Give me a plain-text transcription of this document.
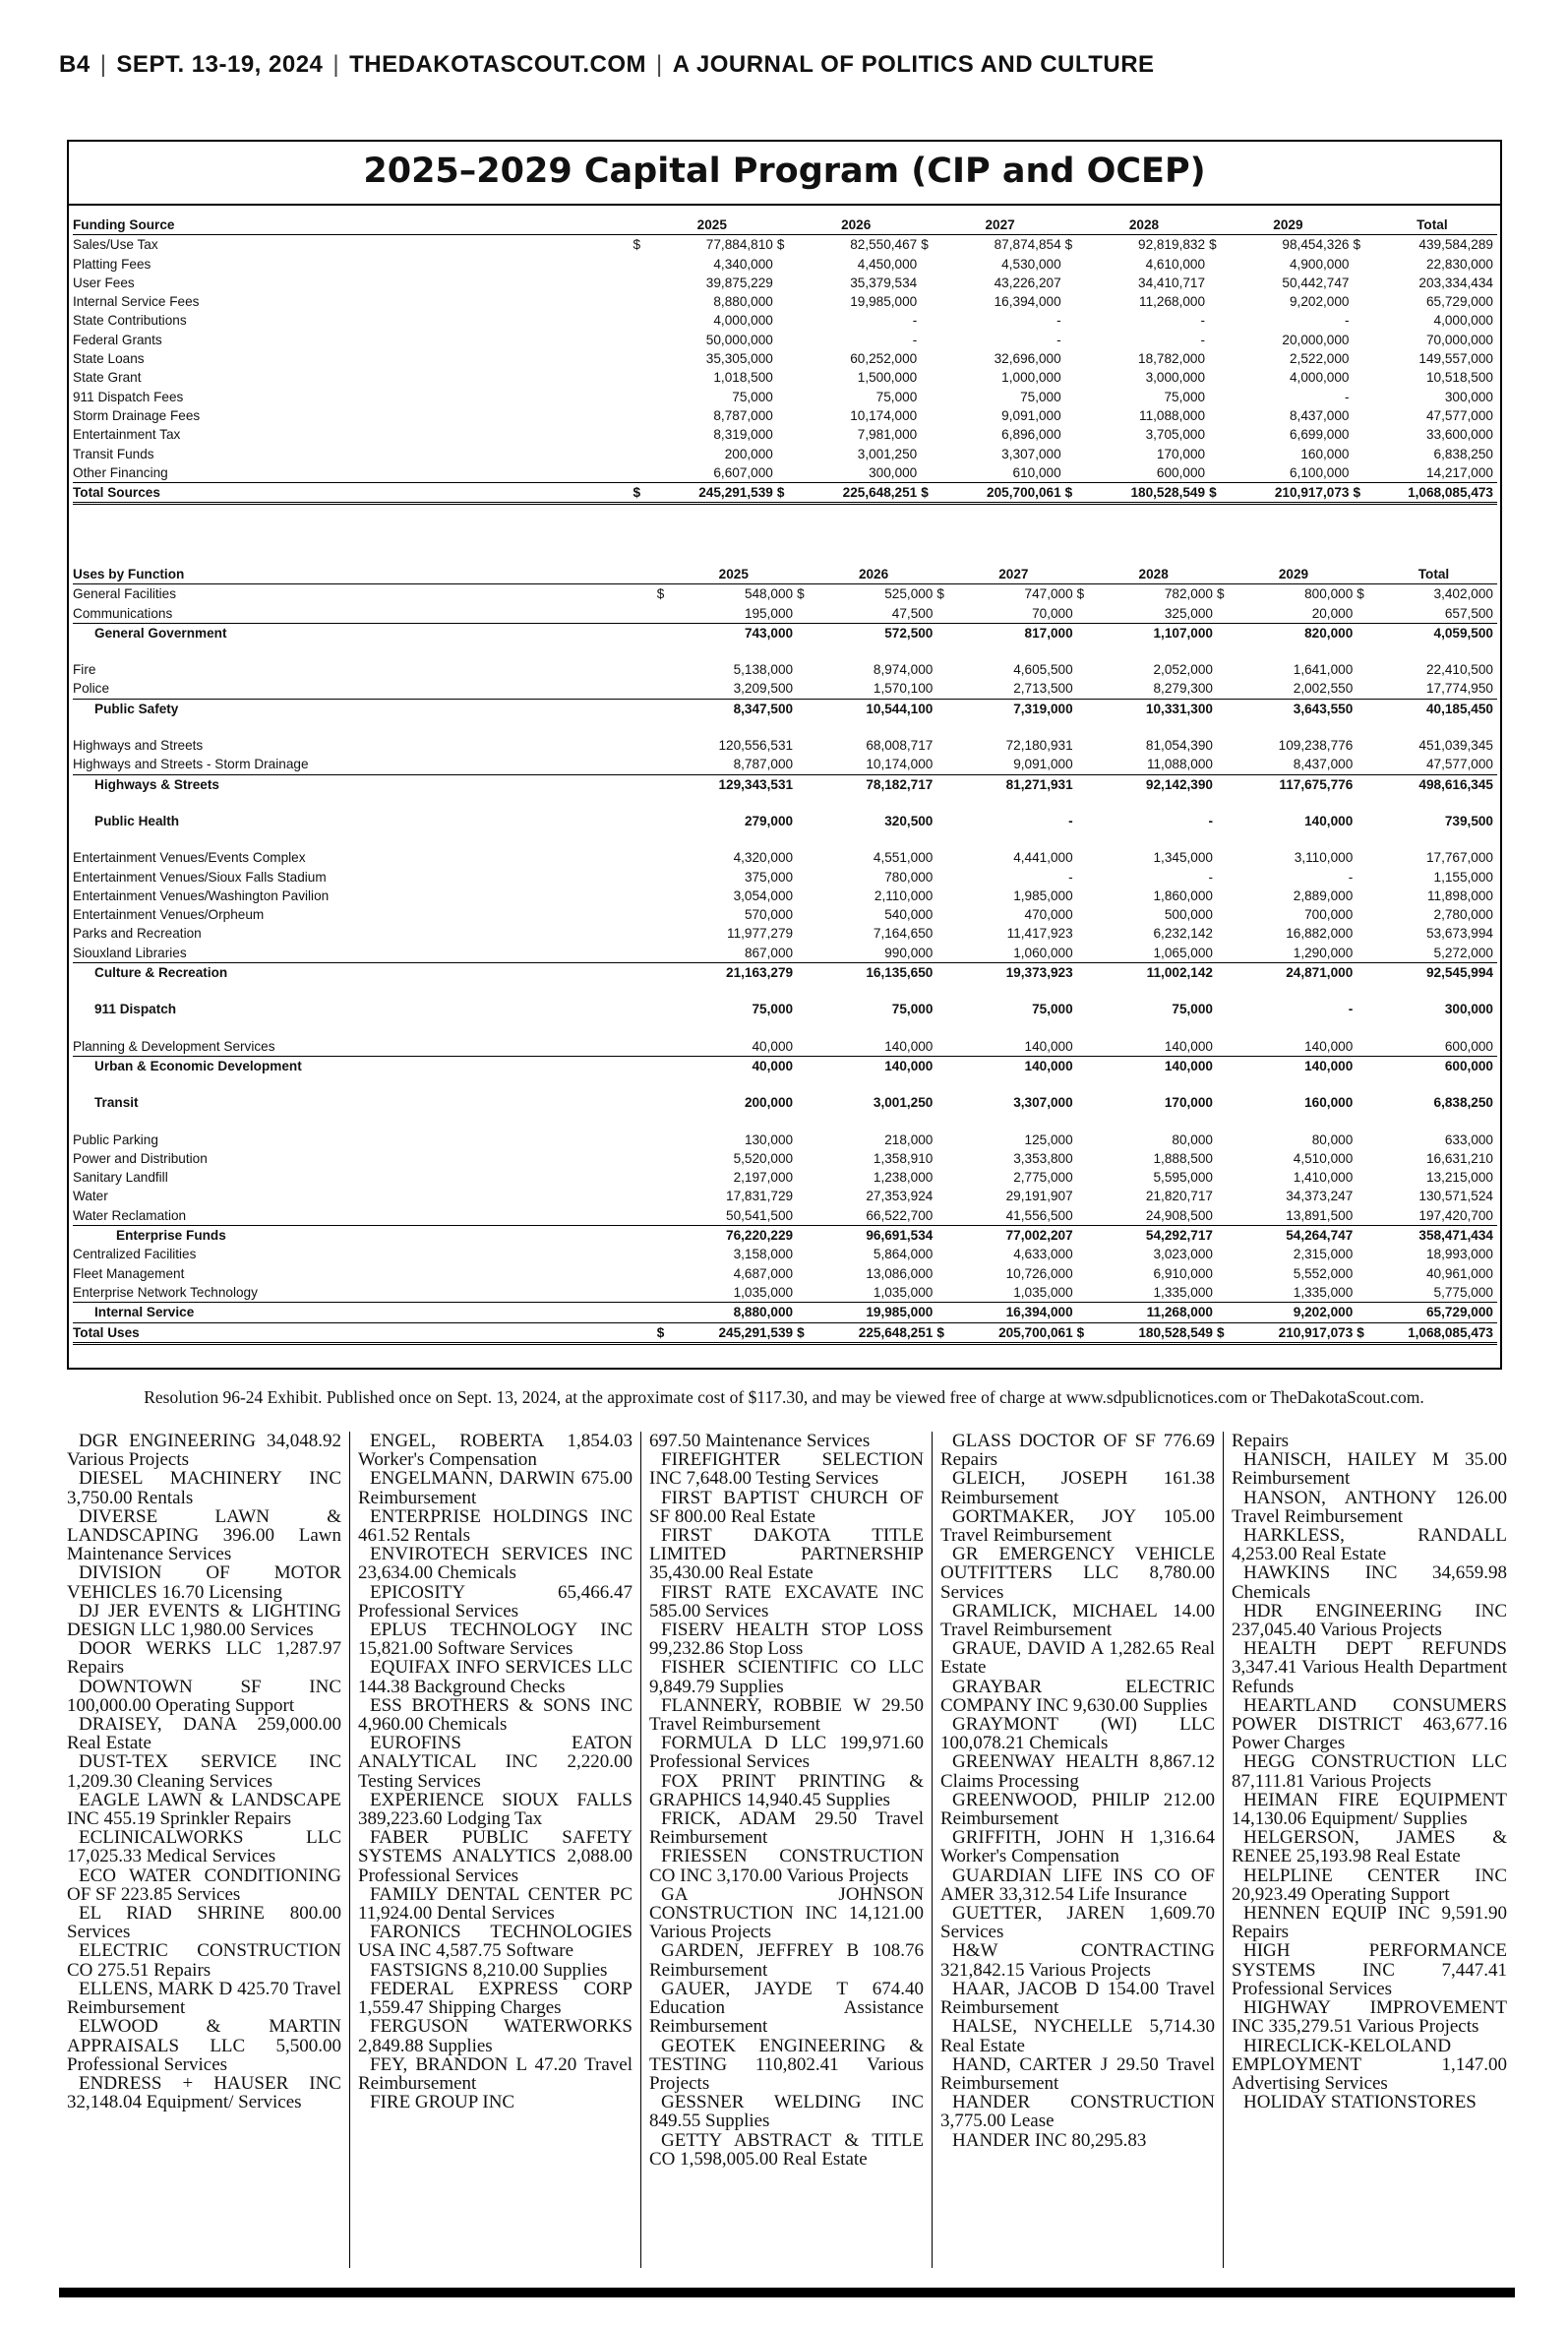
B4 | SEPT. 13-19, 2024 | THEDAKOTASCOUT.COM | A JOURNAL OF POLITICS AND CULTURE
2025–2029 Capital Program (CIP and OCEP)
Funding Source		2025		2026		2027		2028		2029		Total
Sales/Use Tax	$	77,884,810	$	82,550,467	$	87,874,854	$	92,819,832	$	98,454,326	$	439,584,289
Platting Fees		4,340,000		4,450,000		4,530,000		4,610,000		4,900,000		22,830,000
User Fees		39,875,229		35,379,534		43,226,207		34,410,717		50,442,747		203,334,434
Internal Service Fees		8,880,000		19,985,000		16,394,000		11,268,000		9,202,000		65,729,000
State Contributions		4,000,000		-		-		-		-		4,000,000
Federal Grants		50,000,000		-		-		-		20,000,000		70,000,000
State Loans		35,305,000		60,252,000		32,696,000		18,782,000		2,522,000		149,557,000
State Grant		1,018,500		1,500,000		1,000,000		3,000,000		4,000,000		10,518,500
911 Dispatch Fees		75,000		75,000		75,000		75,000		-		300,000
Storm Drainage Fees		8,787,000		10,174,000		9,091,000		11,088,000		8,437,000		47,577,000
Entertainment Tax		8,319,000		7,981,000		6,896,000		3,705,000		6,699,000		33,600,000
Transit Funds		200,000		3,001,250		3,307,000		170,000		160,000		6,838,250
Other Financing		6,607,000		300,000		610,000		600,000		6,100,000		14,217,000
Total Sources	$	245,291,539	$	225,648,251	$	205,700,061	$	180,528,549	$	210,917,073	$	1,068,085,473
Uses by Function		2025		2026		2027		2028		2029		Total
General Facilities	$	548,000	$	525,000	$	747,000	$	782,000	$	800,000	$	3,402,000
Communications		195,000		47,500		70,000		325,000		20,000		657,500
General Government		743,000		572,500		817,000		1,107,000		820,000		4,059,500

Fire		5,138,000		8,974,000		4,605,500		2,052,000		1,641,000		22,410,500
Police		3,209,500		1,570,100		2,713,500		8,279,300		2,002,550		17,774,950
Public Safety		8,347,500		10,544,100		7,319,000		10,331,300		3,643,550		40,185,450

Highways and Streets		120,556,531		68,008,717		72,180,931		81,054,390		109,238,776		451,039,345
Highways and Streets - Storm Drainage		8,787,000		10,174,000		9,091,000		11,088,000		8,437,000		47,577,000
Highways & Streets		129,343,531		78,182,717		81,271,931		92,142,390		117,675,776		498,616,345

Public Health		279,000		320,500		-		-		140,000		739,500

Entertainment Venues/Events Complex		4,320,000		4,551,000		4,441,000		1,345,000		3,110,000		17,767,000
Entertainment Venues/Sioux Falls Stadium		375,000		780,000		-		-		-		1,155,000
Entertainment Venues/Washington Pavilion		3,054,000		2,110,000		1,985,000		1,860,000		2,889,000		11,898,000
Entertainment Venues/Orpheum		570,000		540,000		470,000		500,000		700,000		2,780,000
Parks and Recreation		11,977,279		7,164,650		11,417,923		6,232,142		16,882,000		53,673,994
Siouxland Libraries		867,000		990,000		1,060,000		1,065,000		1,290,000		5,272,000
Culture & Recreation		21,163,279		16,135,650		19,373,923		11,002,142		24,871,000		92,545,994

911 Dispatch		75,000		75,000		75,000		75,000		-		300,000

Planning & Development Services		40,000		140,000		140,000		140,000		140,000		600,000
Urban & Economic Development		40,000		140,000		140,000		140,000		140,000		600,000

Transit		200,000		3,001,250		3,307,000		170,000		160,000		6,838,250

Public Parking		130,000		218,000		125,000		80,000		80,000		633,000
Power and Distribution		5,520,000		1,358,910		3,353,800		1,888,500		4,510,000		16,631,210
Sanitary Landfill		2,197,000		1,238,000		2,775,000		5,595,000		1,410,000		13,215,000
Water		17,831,729		27,353,924		29,191,907		21,820,717		34,373,247		130,571,524
Water Reclamation		50,541,500		66,522,700		41,556,500		24,908,500		13,891,500		197,420,700
Enterprise Funds		76,220,229		96,691,534		77,002,207		54,292,717		54,264,747		358,471,434
Centralized Facilities		3,158,000		5,864,000		4,633,000		3,023,000		2,315,000		18,993,000
Fleet Management		4,687,000		13,086,000		10,726,000		6,910,000		5,552,000		40,961,000
Enterprise Network Technology		1,035,000		1,035,000		1,035,000		1,335,000		1,335,000		5,775,000
Internal Service		8,880,000		19,985,000		16,394,000		11,268,000		9,202,000		65,729,000
Total Uses	$	245,291,539	$	225,648,251	$	205,700,061	$	180,528,549	$	210,917,073	$	1,068,085,473
Resolution 96-24 Exhibit. Published once on Sept. 13, 2024, at the approximate cost of $117.30, and may be viewed free of charge at www.sdpublicnotices.com or TheDakotaScout.com.

DGR ENGINEERING 34,048.92 Various Projects

DIESEL MACHINERY INC 3,750.00 Rentals

DIVERSE LAWN & LANDSCAPING 396.00 Lawn Maintenance Services

DIVISION OF MOTOR VEHICLES 16.70 Licensing

DJ JER EVENTS & LIGHTING DESIGN LLC 1,980.00 Services

DOOR WERKS LLC 1,287.97 Repairs

DOWNTOWN SF INC 100,000.00 Operating Support

DRAISEY, DANA 259,000.00 Real Estate

DUST-TEX SERVICE INC 1,209.30 Cleaning Services

EAGLE LAWN & LANDSCAPE INC 455.19 Sprinkler Repairs

ECLINICALWORKS LLC 17,025.33 Medical Services

ECO WATER CONDITIONING OF SF 223.85 Services

EL RIAD SHRINE 800.00 Services

ELECTRIC CONSTRUCTION CO 275.51 Repairs

ELLENS, MARK D 425.70 Travel Reimbursement

ELWOOD & MARTIN APPRAISALS LLC 5,500.00 Professional Services

ENDRESS + HAUSER INC 32,148.04 Equipment/ Services

ENGEL, ROBERTA 1,854.03 Worker's Compensation

ENGELMANN, DARWIN 675.00 Reimbursement

ENTERPRISE HOLDINGS INC 461.52 Rentals

ENVIROTECH SERVICES INC 23,634.00 Chemicals

EPICOSITY 65,466.47 Professional Services

EPLUS TECHNOLOGY INC 15,821.00 Software Services

EQUIFAX INFO SERVICES LLC 144.38 Background Checks

ESS BROTHERS & SONS INC 4,960.00 Chemicals

EUROFINS EATON ANALYTICAL INC 2,220.00 Testing Services

EXPERIENCE SIOUX FALLS 389,223.60 Lodging Tax

FABER PUBLIC SAFETY SYSTEMS ANALYTICS 2,088.00 Professional Services

FAMILY DENTAL CENTER PC 11,924.00 Dental Services

FARONICS TECHNOLOGIES USA INC 4,587.75 Software

FASTSIGNS 8,210.00 Supplies

FEDERAL EXPRESS CORP 1,559.47 Shipping Charges

FERGUSON WATERWORKS 2,849.88 Supplies

FEY, BRANDON L 47.20 Travel Reimbursement

FIRE GROUP INC

697.50 Maintenance Services

FIREFIGHTER SELECTION INC 7,648.00 Testing Services

FIRST BAPTIST CHURCH OF SF 800.00 Real Estate

FIRST DAKOTA TITLE LIMITED PARTNERSHIP 35,430.00 Real Estate

FIRST RATE EXCAVATE INC 585.00 Services

FISERV HEALTH STOP LOSS 99,232.86 Stop Loss

FISHER SCIENTIFIC CO LLC 9,849.79 Supplies

FLANNERY, ROBBIE W 29.50 Travel Reimbursement

FORMULA D LLC 199,971.60 Professional Services

FOX PRINT PRINTING & GRAPHICS 14,940.45 Supplies

FRICK, ADAM 29.50 Travel Reimbursement

FRIESSEN CONSTRUCTION CO INC 3,170.00 Various Projects

GA JOHNSON CONSTRUCTION INC 14,121.00 Various Projects

GARDEN, JEFFREY B 108.76 Reimbursement

GAUER, JAYDE T 674.40 Education Assistance Reimbursement

GEOTEK ENGINEERING & TESTING 110,802.41 Various Projects

GESSNER WELDING INC 849.55 Supplies

GETTY ABSTRACT & TITLE CO 1,598,005.00 Real Estate

GLASS DOCTOR OF SF 776.69 Repairs

GLEICH, JOSEPH 161.38 Reimbursement

GORTMAKER, JOY 105.00 Travel Reimbursement

GR EMERGENCY VEHICLE OUTFITTERS LLC 8,780.00 Services

GRAMLICK, MICHAEL 14.00 Travel Reimbursement

GRAUE, DAVID A 1,282.65 Real Estate

GRAYBAR ELECTRIC COMPANY INC 9,630.00 Supplies

GRAYMONT (WI) LLC 100,078.21 Chemicals

GREENWAY HEALTH 8,867.12 Claims Processing

GREENWOOD, PHILIP 212.00 Reimbursement

GRIFFITH, JOHN H 1,316.64 Worker's Compensation

GUARDIAN LIFE INS CO OF AMER 33,312.54 Life Insurance

GUETTER, JAREN 1,609.70 Services

H&W CONTRACTING 321,842.15 Various Projects

HAAR, JACOB D 154.00 Travel Reimbursement

HALSE, NYCHELLE 5,714.30 Real Estate

HAND, CARTER J 29.50 Travel Reimbursement

HANDER CONSTRUCTION 3,775.00 Lease

HANDER INC 80,295.83

Repairs

HANISCH, HAILEY M 35.00 Reimbursement

HANSON, ANTHONY 126.00 Travel Reimbursement

HARKLESS, RANDALL 4,253.00 Real Estate

HAWKINS INC 34,659.98 Chemicals

HDR ENGINEERING INC 237,045.40 Various Projects

HEALTH DEPT REFUNDS 3,347.41 Various Health Department Refunds

HEARTLAND CONSUMERS POWER DISTRICT 463,677.16 Power Charges

HEGG CONSTRUCTION LLC 87,111.81 Various Projects

HEIMAN FIRE EQUIPMENT 14,130.06 Equipment/ Supplies

HELGERSON, JAMES & RENEE 25,193.98 Real Estate

HELPLINE CENTER INC 20,923.49 Operating Support

HENNEN EQUIP INC 9,591.90 Repairs

HIGH PERFORMANCE SYSTEMS INC 7,447.41 Professional Services

HIGHWAY IMPROVEMENT INC 335,279.51 Various Projects

HIRECLICK-KELOLAND EMPLOYMENT 1,147.00 Advertising Services

HOLIDAY STATIONSTORES
